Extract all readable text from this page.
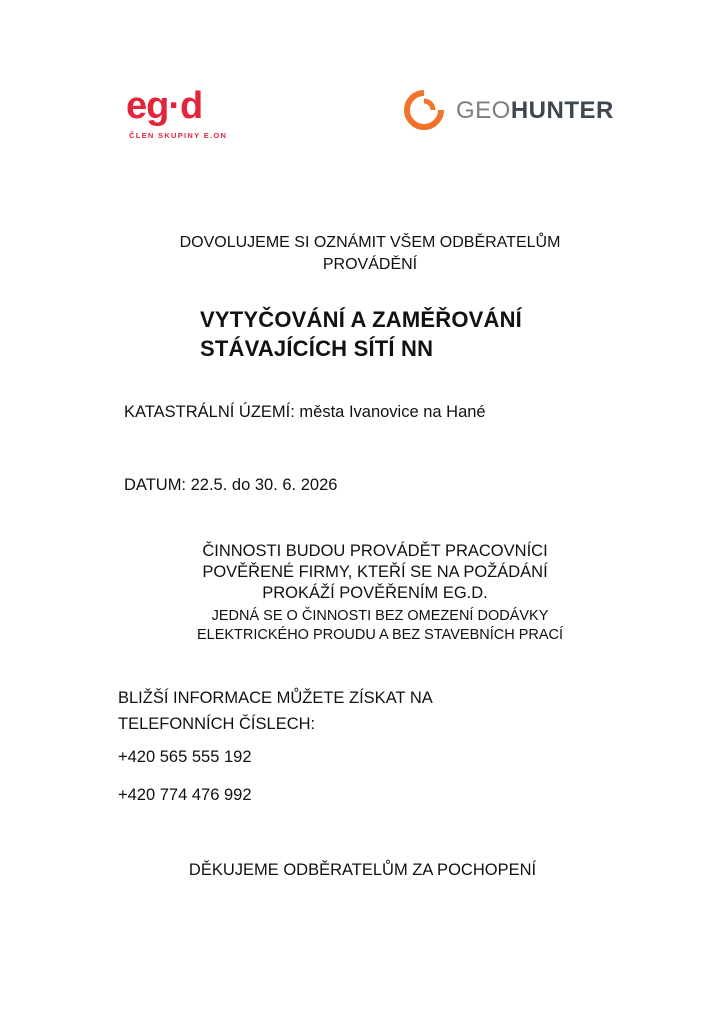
eg·d
ČLEN SKUPINY E.ON
GEOHUNTER
DOVOLUJEME SI OZNÁMIT VŠEM ODBĚRATELŮM
PROVÁDĚNÍ
VYTYČOVÁNÍ A ZAMĚŘOVÁNÍ
STÁVAJÍCÍCH SÍTÍ NN
KATASTRÁLNÍ ÚZEMÍ: města Ivanovice na Hané
DATUM: 22.5. do 30. 6. 2026
ČINNOSTI BUDOU PROVÁDĚT PRACOVNÍCI
POVĚŘENÉ FIRMY, KTEŘÍ SE NA POŽÁDÁNÍ
PROKÁŽÍ POVĚŘENÍM EG.D.
JEDNÁ SE O ČINNOSTI BEZ OMEZENÍ DODÁVKY
ELEKTRICKÉHO PROUDU A BEZ STAVEBNÍCH PRACÍ
BLIŽŠÍ INFORMACE MŮŽETE ZÍSKAT NA
TELEFONNÍCH ČÍSLECH:
+420 565 555 192
+420 774 476 992
DĚKUJEME ODBĚRATELŮM ZA POCHOPENÍ
